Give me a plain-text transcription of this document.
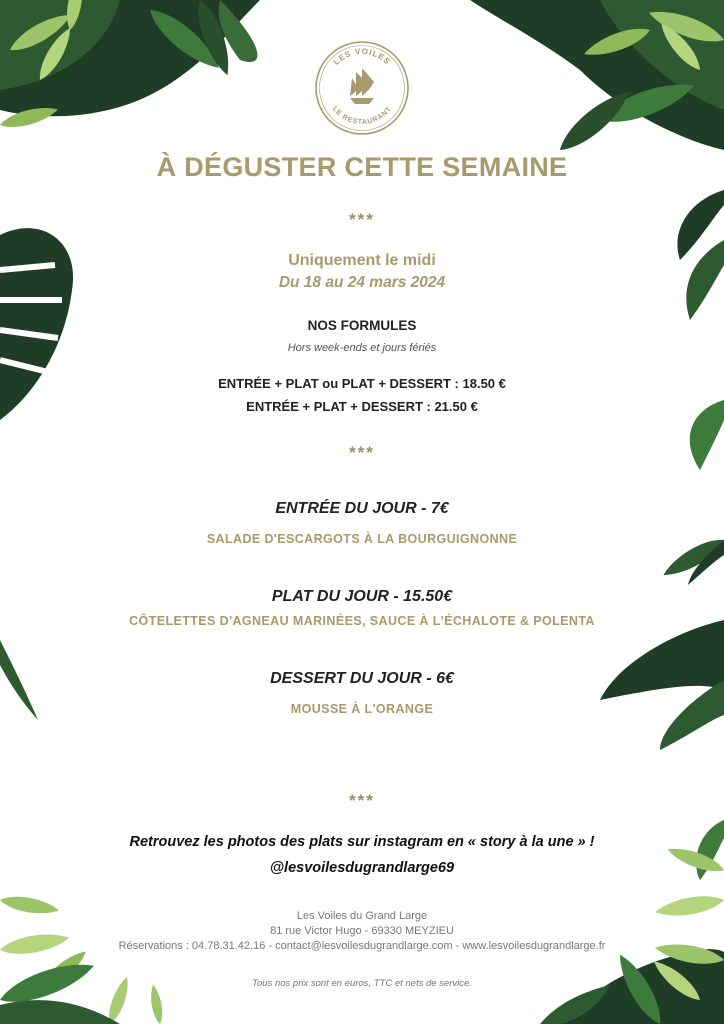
LES VOILES
LE RESTAURANT
À DÉGUSTER CETTE SEMAINE
***
Uniquement le midi
Du 18 au 24 mars 2024
NOS FORMULES
Hors week-ends et jours fériés
ENTRÉE + PLAT ou PLAT + DESSERT : 18.50 €
ENTRÉE + PLAT + DESSERT : 21.50 €
***
ENTRÉE DU JOUR - 7€
SALADE D'ESCARGOTS À LA BOURGUIGNONNE
PLAT DU JOUR - 15.50€
CÔTELETTES D'AGNEAU MARINÉES, SAUCE À L'ÉCHALOTE & POLENTA
DESSERT DU JOUR - 6€
MOUSSE À L'ORANGE
***
Retrouvez les photos des plats sur instagram en « story à la une » !
@lesvoilesdugrandlarge69
Les Voiles du Grand Large
81 rue Victor Hugo - 69330 MEYZIEU
Réservations : 04.78.31.42.16 - contact@lesvoilesdugrandlarge.com - www.lesvoilesdugrandlarge.fr
Tous nos prix sont en euros, TTC et nets de service.
